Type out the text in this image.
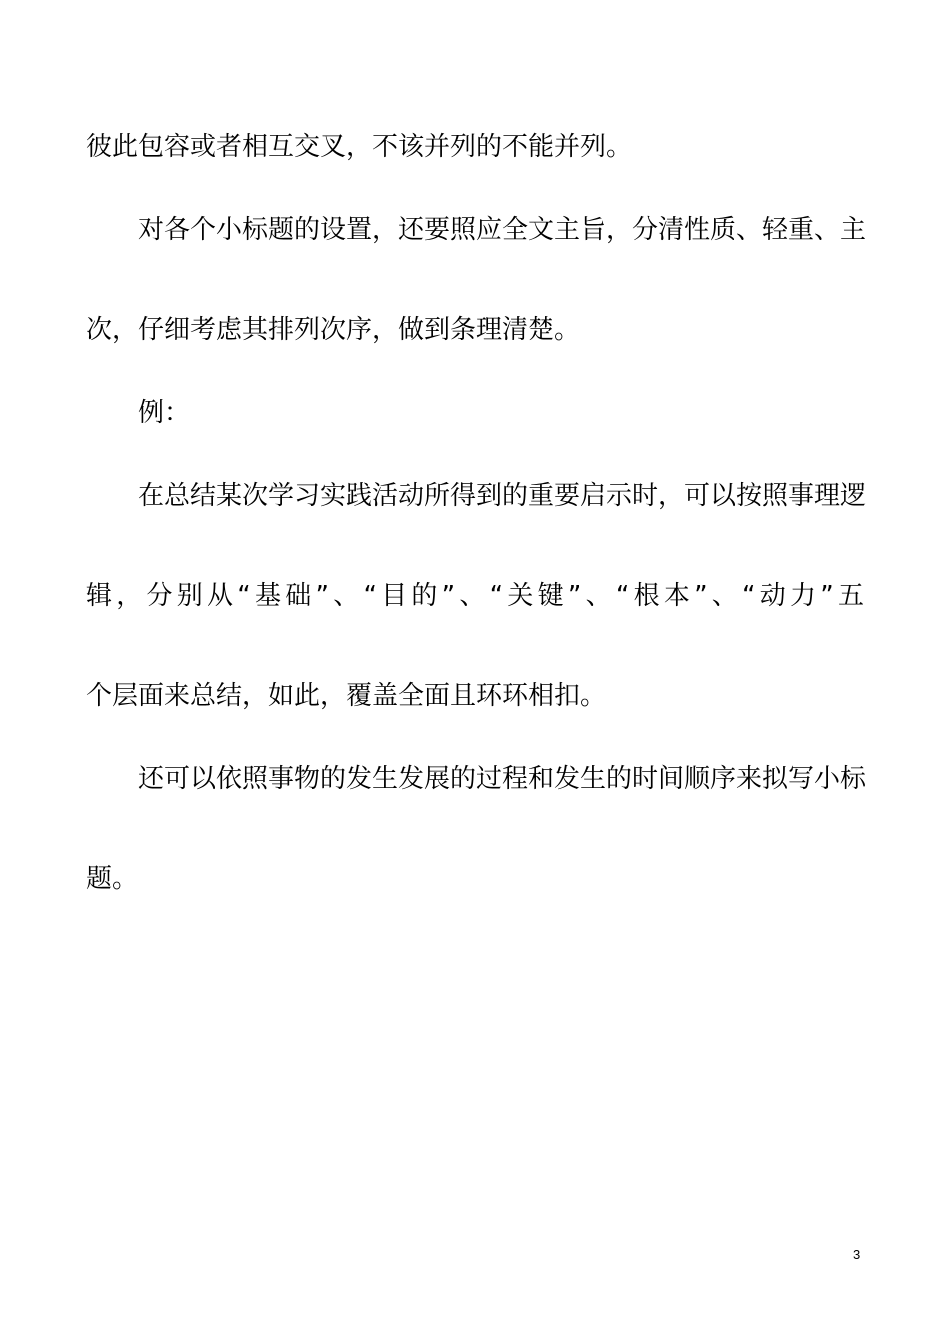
彼此包容或者相互交叉，不该并列的不能并列。
对各个小标题的设置，还要照应全文主旨，分清性质、轻重、主
次，仔细考虑其排列次序，做到条理清楚。
例：
在总结某次学习实践活动所得到的重要启示时，可以按照事理逻
辑，分别从“基础”、“目的”、“关键”、“根本”、“动力”五
个层面来总结，如此，覆盖全面且环环相扣。
还可以依照事物的发生发展的过程和发生的时间顺序来拟写小标
题。
3
